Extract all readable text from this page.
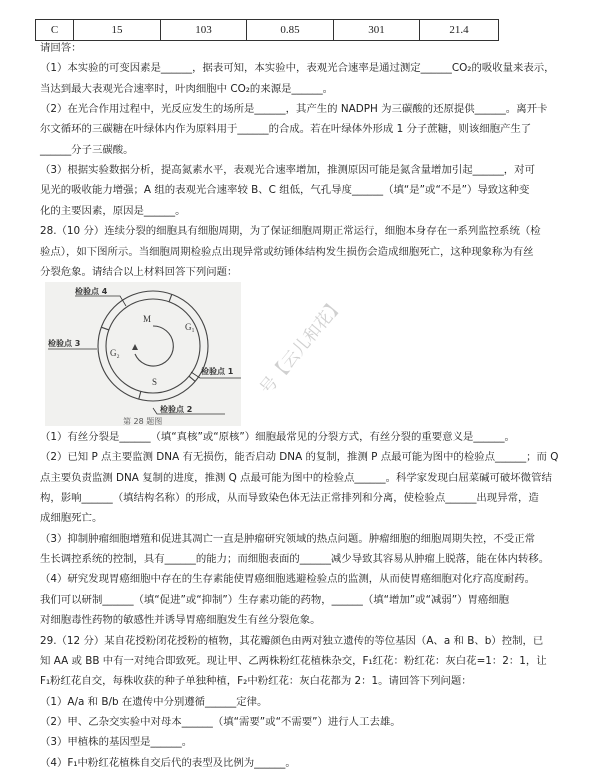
C	15	103	0.85	301	21.4
请回答：
（1）本实验的可变因素是______，据表可知，本实验中，表观光合速率是通过测定______CO₂的吸收量来表示，
当达到最大表观光合速率时，叶肉细胞中 CO₂的来源是______。
（2）在光合作用过程中，光反应发生的场所是______，其产生的 NADPH 为三碳酸的还原提供______。离开卡
尔文循环的三碳糖在叶绿体内作为原料用于______的合成。若在叶绿体外形成 1 分子蔗糖，则该细胞产生了
______分子三碳酸。
（3）根据实验数据分析，提高氮素水平，表观光合速率增加，推测原因可能是氮含量增加引起______，对可
见光的吸收能力增强；A 组的表观光合速率较 B、C 组低，气孔导度______（填“是”或“不是”）导致这种变
化的主要因素，原因是______。
28.（10 分）连续分裂的细胞具有细胞周期，为了保证细胞周期正常运行，细胞本身存在一系列监控系统（检
验点），如下图所示。当细胞周期检验点出现异常或纺锤体结构发生损伤会造成细胞死亡，这种现象称为有丝
分裂危象。请结合以上材料回答下列问题：
M
G₁
G₂
S
检验点 4
检验点 3
检验点 1
检验点 2
第 28 题图
（1）有丝分裂是______（填“真核”或“原核”）细胞最常见的分裂方式，有丝分裂的重要意义是______。
（2）已知 P 点主要监测 DNA 有无损伤，能否启动 DNA 的复制，推测 P 点最可能为图中的检验点______；而 Q
点主要负责监测 DNA 复制的进度，推测 Q 点最可能为图中的检验点______。科学家发现白屈菜碱可破坏微管结
构，影响______（填结构名称）的形成，从而导致染色体无法正常排列和分离，使检验点______出现异常，造
成细胞死亡。
（3）抑制肿瘤细胞增殖和促进其凋亡一直是肿瘤研究领域的热点问题。肿瘤细胞的细胞周期失控，不受正常
生长调控系统的控制，具有______的能力；而细胞表面的______减少导致其容易从肿瘤上脱落，能在体内转移。
（4）研究发现胃癌细胞中存在的生存素能使胃癌细胞逃避检验点的监测，从而使胃癌细胞对化疗高度耐药。
我们可以研制______（填“促进”或“抑制”）生存素功能的药物，______（填“增加”或“减弱”）胃癌细胞
对细胞毒性药物的敏感性并诱导胃癌细胞发生有丝分裂危象。
29.（12 分）某自花授粉闭花授粉的植物，其花瓣颜色由两对独立遗传的等位基因（A、a 和 B、b）控制，已
知 AA 或 BB 中有一对纯合即致死。现让甲、乙两株粉红花植株杂交，F₁红花：粉红花：灰白花=1：2：1，让
F₁粉红花自交，每株收获的种子单独种植，F₂中粉红花：灰白花都为 2：1。请回答下列问题：
（1）A/a 和 B/b 在遗传中分别遵循______定律。
（2）甲、乙杂交实验中对母本______（填“需要”或“不需要”）进行人工去雄。
（3）甲植株的基因型是______。
（4）F₁中粉红花植株自交后代的表型及比例为______。
号【云儿和花】
